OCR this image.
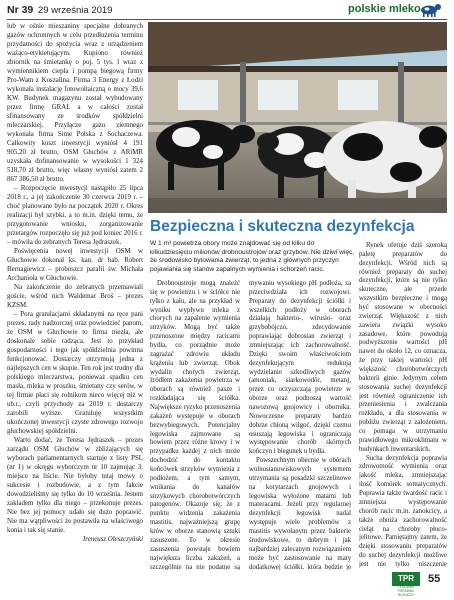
Nr 39 29 września 2019	polskie mleko

lub w ośnie mieszaniny specjalne dobranych gazów ochronnych w celu przedłużenia terminu przydatności do spożycia wraz z urządzeniem ważąco-etykietującym. Kupiono również zbiornik na śmietankę o poj. 5 tys. l wraz z wymiennikiem ciepła i pompą biegową firmy Pro-Wam z Koszalina. Firma 3 Energy z Łodzi wykonała instalację fotowoltaiczną o mocy 39,6 KW. Budynek magazynu został wybudowany przez firmę GRAL a w całości został sfinansowany ze środków spółdzielni mleczarskiej. Przyłącze gazu ziemnego wykonała firma Sime Polska z Sochaczewa. Całkowity koszt inwestycji wyniósł 4 191 905,20 zł brutto, OSM Głuchów z ARiMR uzyskała dofinansowanie w wysokości 1 324 518,70 zł brutto, więc własny wyniósł zatem 2 867 386,50 zł brutto.

– Rozpoczęcie inwestycji nastąpiło 25 lipca 2018 r., a jej zakończenie 30 czerwca 2019 r. – choć planowane było na początek 2020 r. Okres realizacji był szybki, a to m.in. dzięki temu, że przygotowanie wniosku, zorganizowanie przetargów rozpoczęło się już pod koniec 2016 r. – mówiła do zebranych Teresa Jędraszek.

Poświęcenia nowej inwestycji OSM w Głuchowie dokonał ks. kan. dr hab. Robert Bernagiewicz – proboszcz parafii św. Michała Archanioła w Głuchowie.

Na zakończenie do zebranych przemawiali goście, wśród nich Waldemar Broś – prezes KZSM.

– Pora gratulacjami składanymi na ręce pani prezes, rady nadzorczej oraz powiedzieć panom, że OSM w Głuchowie to firma niezła, ale doskonale sobie radząca. Jest to przykład gospodarności i tego jak spółdzielnia powinna funkcjonować. Dostarczy otrzymują jedna z najlepszych cen w skupie. Ten rok jest trudny dla polskiego mleczarstwa, ponieważ spadku cen masła, mleka w proszku, śmietany czy serów, w tej firmie płaci się rolnikom nieco więcej niż w ub.r., czyli przychody za 2019 r. dostarczy zarobili wyższe. Gratuluję wszystkim ukończonej inwestycji czyste zdrowego rozwoju głuchowskiej spółdzielni.

Warto dodać, że Teresa Jędraszek – prezes zarządu OSM Głuchów w zbliżających się wyborach parlamentarnych startuje z listy PSL (nr 1) w okręgu wyborczym nr 10 zajmując 3. miejsce na liście. Nie byłoby tutaj mowy o sukcesie i rozbudowie, a z tym fakcie dowodzieliśmy się tylko do 10 września. Jestem zakładem tylko dla niego – przekonuje prezes. Nie bez jej pomocy udało się dużo poprawić. Nie ma wątpliwości że postawiła na właściwego konia i tak się stanie.

Ireneusz Oleszczyński
Bezpieczna i skuteczna dezynfekcja
W 1 m³ powietrza obory może znajdować się od kilku do kilkudziesięciu milionów drobnoustrojów oraz grzybów. Nie dziwi więc, że środowisko bytowania zwierząt, to jedna z głównych przyczyn pojawiania się stanów zapalnych wymienia i schorzeń racic.

Drobnoustroje mogą znaleźć się w powietrzu i w ściółce nie tylko z kału, ale na przykład w wyniku wypływu mleka z chorych na zapalenie wymienia strzyków. Mogą być także przenoszone między racicami bydła, co porządnie może zagrażać zdrowiu układu krążenia lub zwierząt. Obok wydalin chorych zwierząt, źródłem zakażenia powietrza w oborach są również pasze i rozkładająca się ściółka. Największe ryzyko przenoszenia zakażeń występuje w oborach bezwybiegowych. Potencjalny legowiska zajmowane są bowiem przez różne krowy i w przypadku każdej z nich może dochodzić do kontaktu końcówek strzyków wymienia z podłożem, a tym samym, wnikania do kanałów strzykowych chorobotwórczych patogenów. Okazuje się, że z punktu widzenia zakażenia mastitis, najważniejszą grupę krów w oborze stanowią sztuki zasuszone. To w okresie zasuszenia powstaje bowiem największa liczba zakażeń, a szczególnie na nie podatne są

mywaniu wysokiego pH podłoża, za przeciwdziała ich rozwojowi. Preparaty do dezynfekcji ściółki i wszelkich podłoży w oborach działają bakterio-, wirusio- oraz grzybobójczo, zdecydowanie poprawiając dobrostan zwierząt i zmniejszając ich zachorowalność. Dzięki swoim właściwościom dezynfekującym redukują wydzielanie szkodliwych gazów (amoniak, siarkowodór, metan), przez co oczyszczają powietrze w oborze oraz podnoszą wartość nawozową gnojowicy i obornika. Nowoczesne preparaty bardzo dobrze chłoną wilgoć, dzięki czemu osuszają legowiska i ograniczają występowanie chorób skórnych kończyn i biegunek u bydła.

Powszechnym obecnie w obórach wolnostanowiskowych systemem utrzymania są posadzki szczelinowe na korytarzach gnojowych i legowiska wyłożone matami lub materacami. Jeżeli przy regularnej dezynfekcji legowisk nadal występuje wiele problemów z mastitis wywołanym przez bakterie środowiskowe, to dobrym i jak najbardziej zalecanym rozwiązaniem może być zastosowanie na maty dodatkowej ściółki, która będzie je

Rynek oferuje dziś szeroką paletę preparatów do dezynfekcji. Wśród nich są również preparaty do suchej dezynfekcji, które są nie tylko skuteczne, ale przede wszystkim bezpieczne i mogą być stosowane w obecności zwierząt. Większość z nich zawiera związki wysoko zasadowe, które powodują podwyższenie wartości pH nawet do około 12, co oznacza, że przy takiej wartości pH większość chorobotwórczych bakterii ginie. Jedynym celem stosowania suchej dezynfekcji jest również ograniczenie ich przeniesienia i zwalczania rozkładu, a dla stosowania w pobliżu zwierząt z założeniem, co pomaga w utrzymaniu prawidłowego mikroklimatu w budynkach inwentarskich.

Sucha dezynfekcja poprawia zdrowotność wymienia oraz jakość mleka, zmniejszając ilość komórek somatycznych. Poprawia także twardość racic i zmniejsza występowanie chorób racic m.in. zanokcicy, a także obniża zachorowalność cieląt na choroby płuco-jelitowe. Pamiętajmy zatem, że dzięki stosowaniu preparatów do suchej dezynfekcji możliwe jest nie tylko niszczenie

TPR
TYGODNIK PORADNIK ROLNICZY
55
